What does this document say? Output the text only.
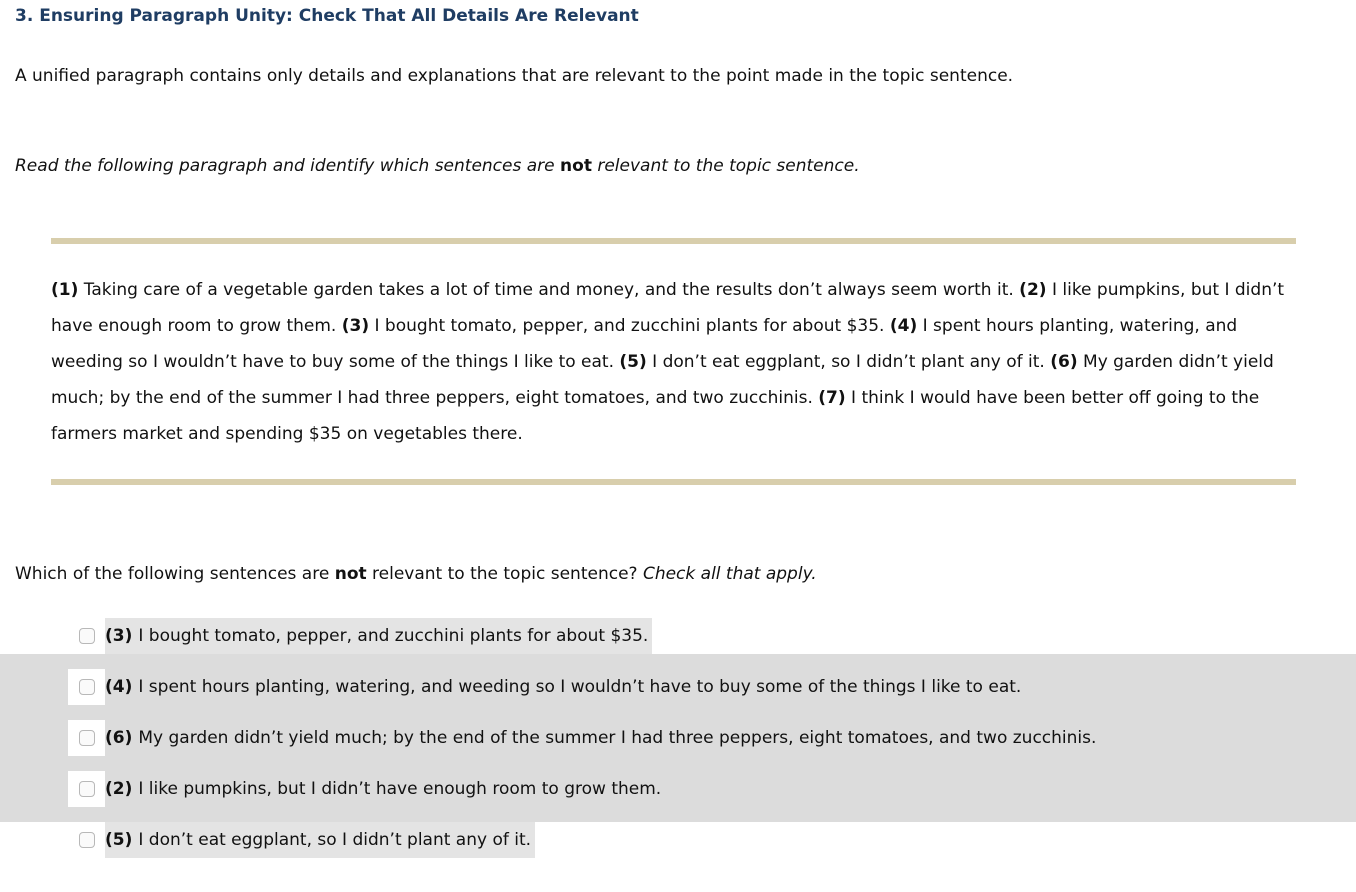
3. Ensuring Paragraph Unity: Check That All Details Are Relevant

A unified paragraph contains only details and explanations that are relevant to the point made in the topic sentence.

Read the following paragraph and identify which sentences are not relevant to the topic sentence.

(1) Taking care of a vegetable garden takes a lot of time and money, and the results don’t always seem worth it. (2) I like pumpkins, but I didn’t have enough room to grow them. (3) I bought tomato, pepper, and zucchini plants for about $35. (4) I spent hours planting, watering, and weeding so I wouldn’t have to buy some of the things I like to eat. (5) I don’t eat eggplant, so I didn’t plant any of it. (6) My garden didn’t yield much; by the end of the summer I had three peppers, eight tomatoes, and two zucchinis. (7) I think I would have been better off going to the farmers market and spending $35 on vegetables there.

Which of the following sentences are not relevant to the topic sentence? Check all that apply.

(3) I bought tomato, pepper, and zucchini plants for about $35.
(4) I spent hours planting, watering, and weeding so I wouldn’t have to buy some of the things I like to eat.
(6) My garden didn’t yield much; by the end of the summer I had three peppers, eight tomatoes, and two zucchinis.
(2) I like pumpkins, but I didn’t have enough room to grow them.
(5) I don’t eat eggplant, so I didn’t plant any of it.
